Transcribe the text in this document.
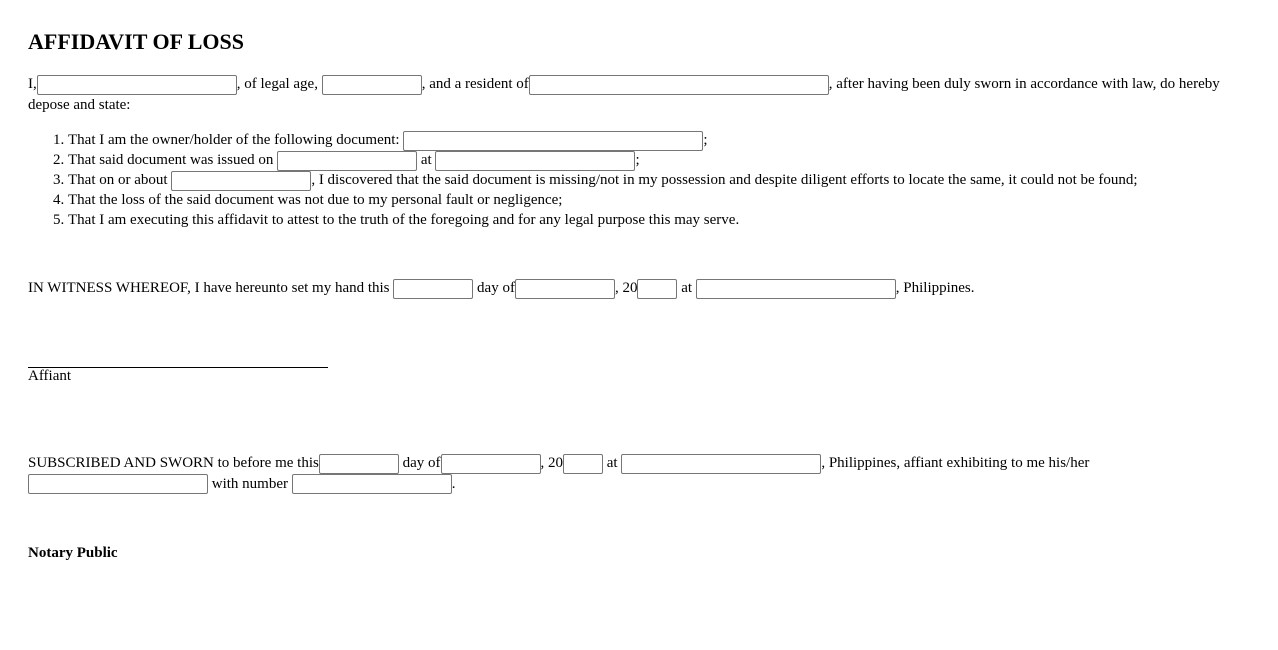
AFFIDAVIT OF LOSS
I,	, of legal age,	, and a resident of	, after having been duly sworn in accordance with law, do hereby depose and state:
1. That I am the owner/holder of the following document:	;
2. That said document was issued on	at	;
3. That on or about	, I discovered that the said document is missing/not in my possession and despite diligent efforts to locate the same, it could not be found;
4. That the loss of the said document was not due to my personal fault or negligence;
5. That I am executing this affidavit to attest to the truth of the foregoing and for any legal purpose this may serve.
IN WITNESS WHEREOF, I have hereunto set my hand this	day of	, 20	at	, Philippines.
Affiant
SUBSCRIBED AND SWORN to before me this	day of	, 20	at	, Philippines, affiant exhibiting to me his/her
with number	.
Notary Public
